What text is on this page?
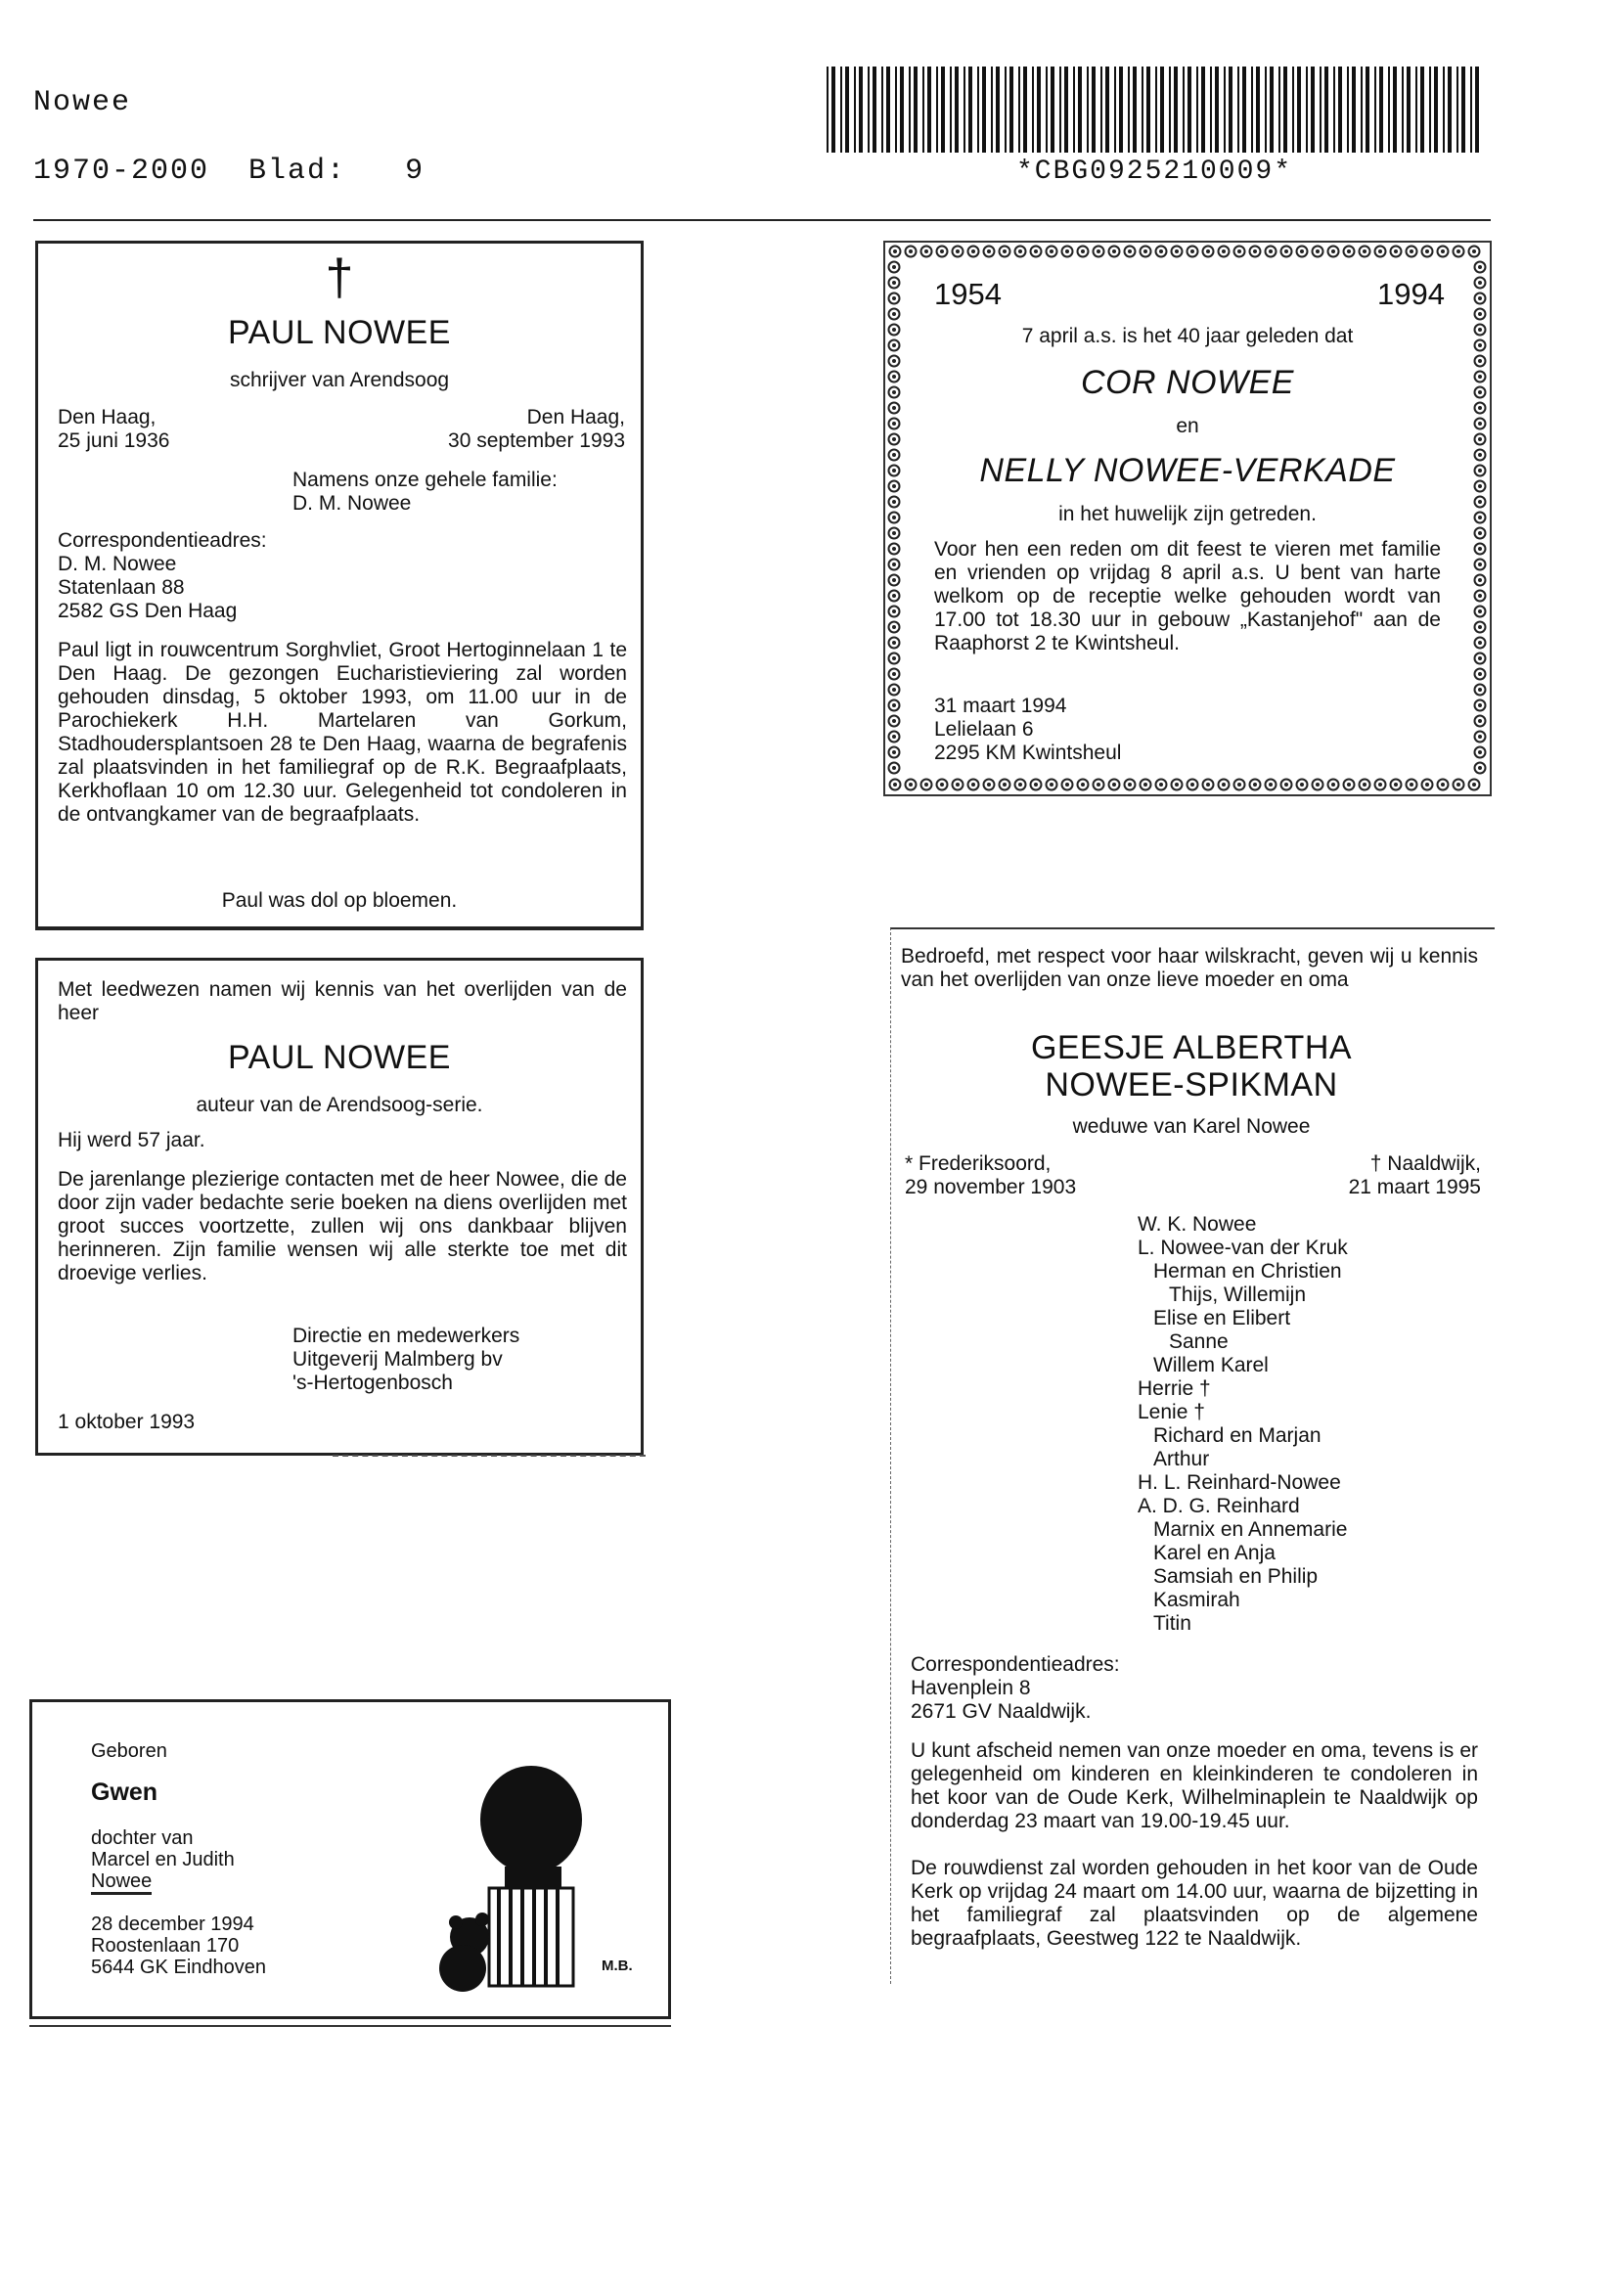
Nowee
1970-2000 Blad: 9	*CBG0925210009*
†
PAUL NOWEE
schrijver van Arendsoog
Den Haag,
25 juni 1936
Den Haag,
30 september 1993
Namens onze gehele familie:
D. M. Nowee
Correspondentieadres:
D. M. Nowee
Statenlaan 88
2582 GS Den Haag
Paul ligt in rouwcentrum Sorghvliet, Groot Hertoginnelaan 1 te Den Haag. De gezongen Eucharistieviering zal worden gehouden dinsdag, 5 oktober 1993, om 11.00 uur in de Parochiekerk H.H. Martelaren van Gorkum, Stadhoudersplantsoen 28 te Den Haag, waarna de begrafenis zal plaatsvinden in het familiegraf op de R.K. Begraafplaats, Kerkhoflaan 10 om 12.30 uur. Gelegenheid tot condoleren in de ontvangkamer van de begraafplaats.
Paul was dol op bloemen.
Met leedwezen namen wij kennis van het overlijden van de heer
PAUL NOWEE
auteur van de Arendsoog-serie.
Hij werd 57 jaar.
De jarenlange plezierige contacten met de heer Nowee, die de door zijn vader bedachte serie boeken na diens overlijden met groot succes voortzette, zullen wij ons dankbaar blijven herinneren. Zijn familie wensen wij alle sterkte toe met dit droevige verlies.
Directie en medewerkers
Uitgeverij Malmberg bv
's-Hertogenbosch
1 oktober 1993
Geboren
Gwen
dochter van
Marcel en Judith
Nowee
28 december 1994
Roostenlaan 170
5644 GK Eindhoven	M.B.
1954	1994
7 april a.s. is het 40 jaar geleden dat
COR NOWEE
en
NELLY NOWEE-VERKADE
in het huwelijk zijn getreden.
Voor hen een reden om dit feest te vieren met familie en vrienden op vrijdag 8 april a.s. U bent van harte welkom op de receptie welke gehouden wordt van 17.00 tot 18.30 uur in gebouw „Kastanjehof" aan de Raaphorst 2 te Kwintsheul.
31 maart 1994
Lelielaan 6
2295 KM Kwintsheul
Bedroefd, met respect voor haar wilskracht, geven wij u kennis van het overlijden van onze lieve moeder en oma
GEESJE ALBERTHA
NOWEE-SPIKMAN
weduwe van Karel Nowee
* Frederiksoord,
29 november 1903
† Naaldwijk,
21 maart 1995
W. K. Nowee
L. Nowee-van der Kruk
Herman en Christien
Thijs, Willemijn
Elise en Elibert
Sanne
Willem Karel
Herrie †
Lenie †
Richard en Marjan
Arthur
H. L. Reinhard-Nowee
A. D. G. Reinhard
Marnix en Annemarie
Karel en Anja
Samsiah en Philip
Kasmirah
Titin
Correspondentieadres:
Havenplein 8
2671 GV Naaldwijk.
U kunt afscheid nemen van onze moeder en oma, tevens is er gelegenheid om kinderen en kleinkinderen te condoleren in het koor van de Oude Kerk, Wilhelminaplein te Naaldwijk op donderdag 23 maart van 19.00-19.45 uur.
De rouwdienst zal worden gehouden in het koor van de Oude Kerk op vrijdag 24 maart om 14.00 uur, waarna de bijzetting in het familiegraf zal plaatsvinden op de algemene begraafplaats, Geestweg 122 te Naaldwijk.
